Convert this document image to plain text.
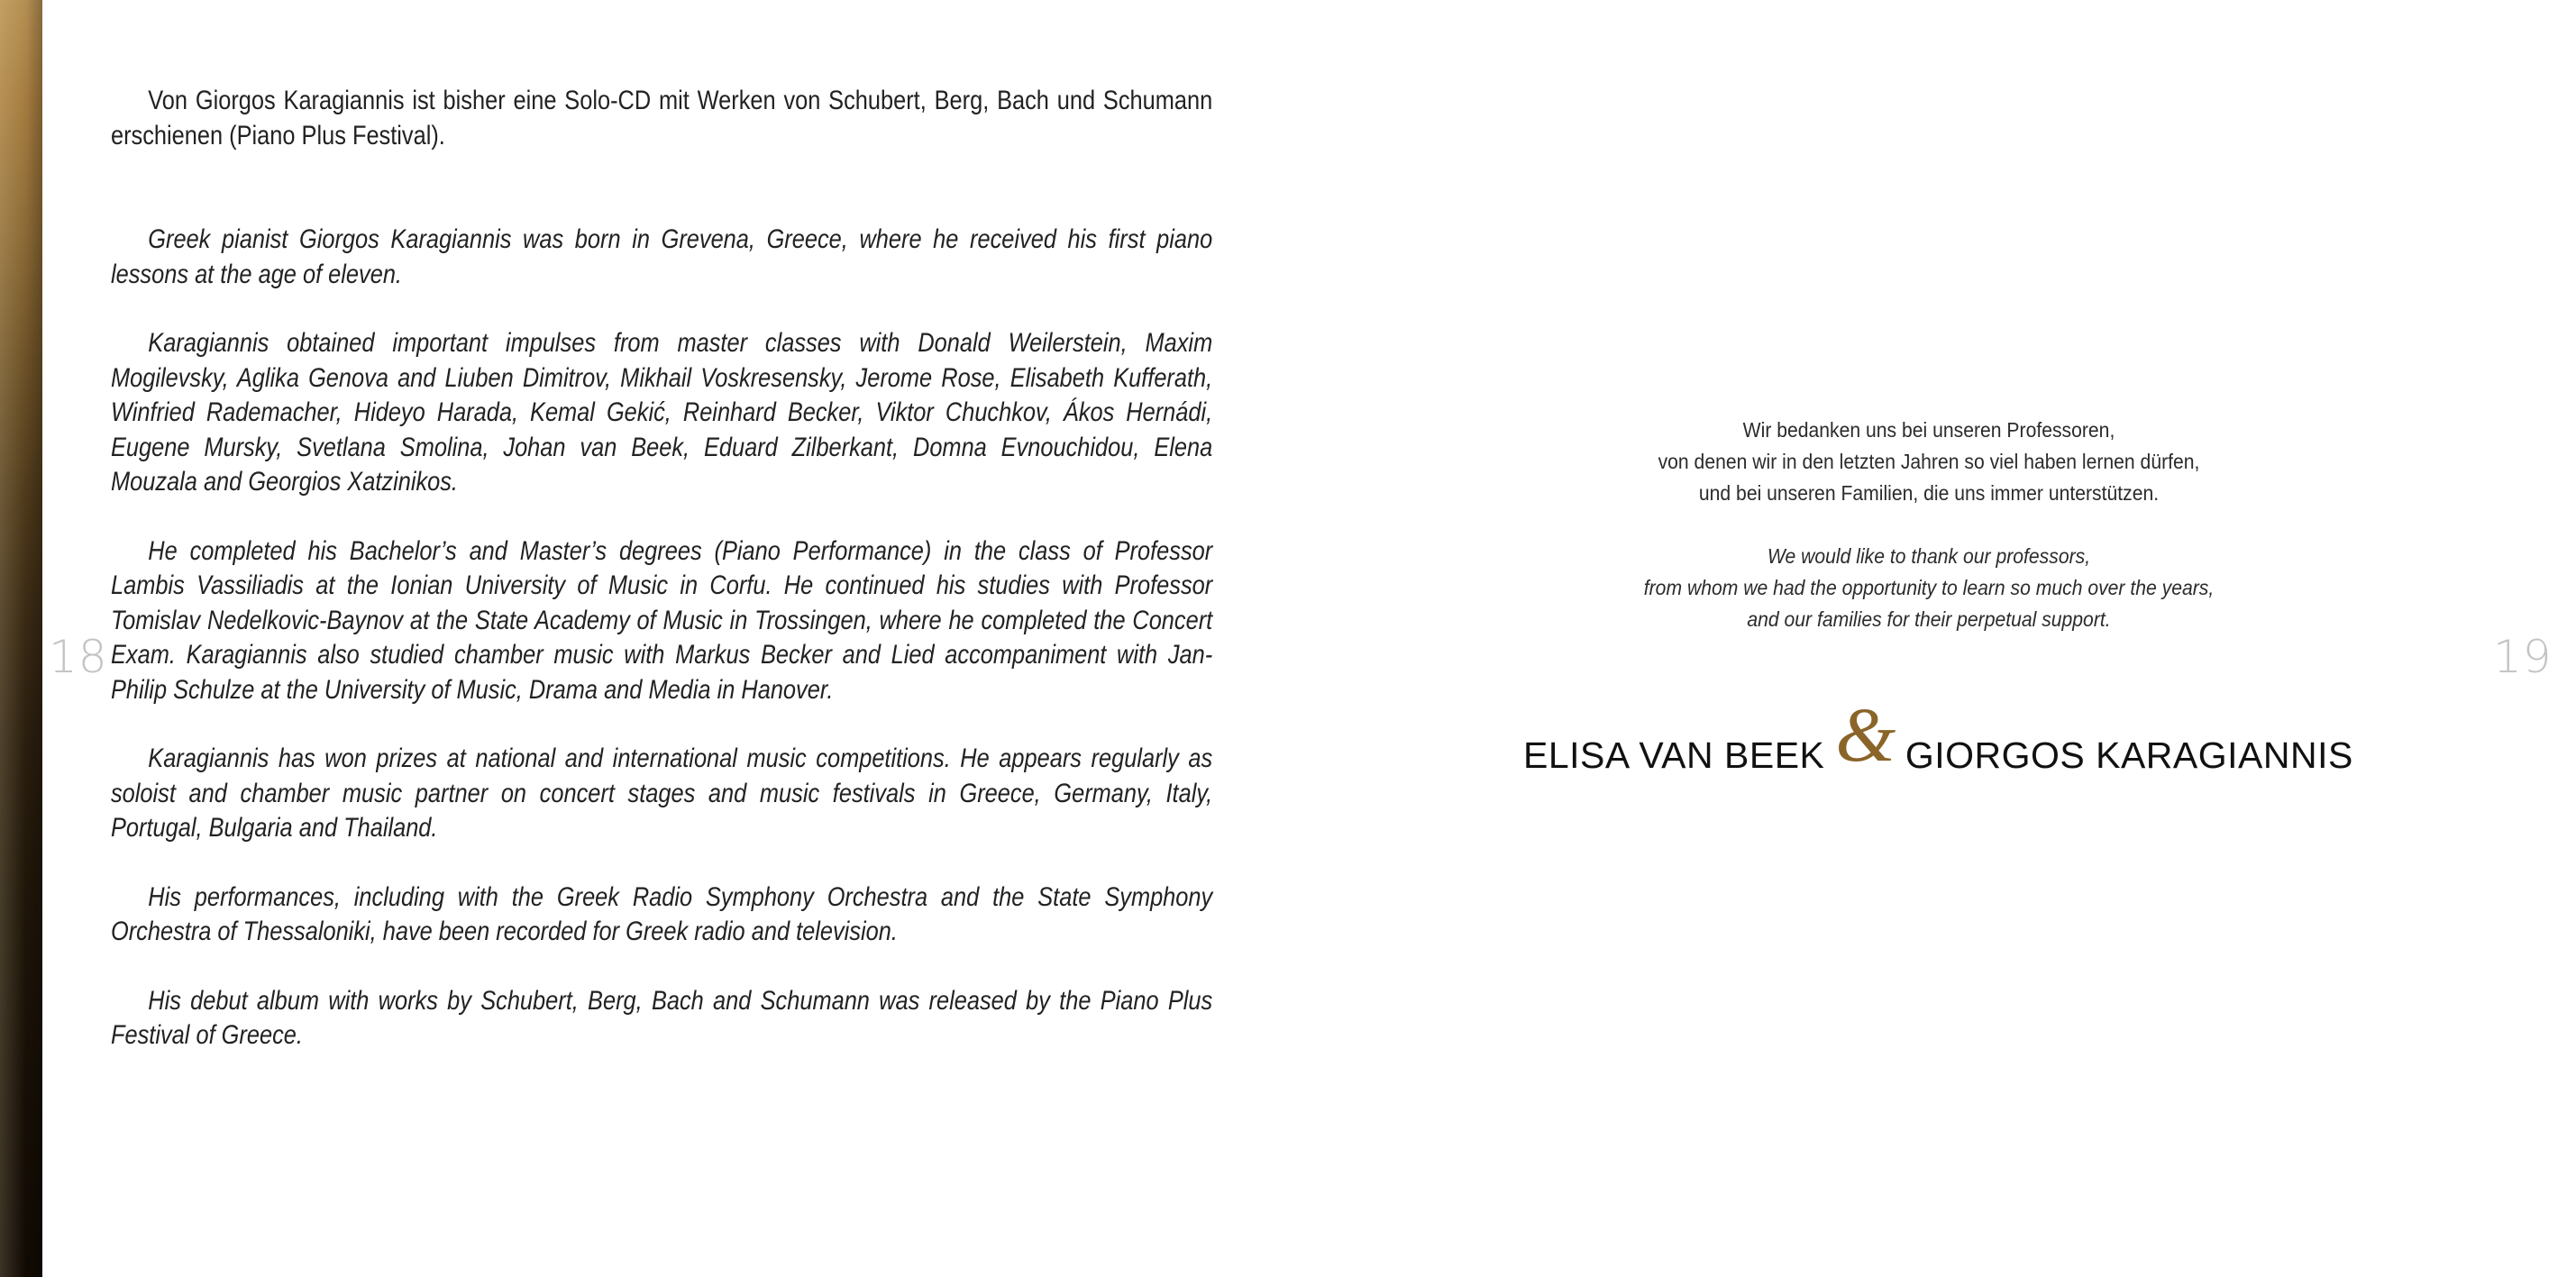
18	19

Von Giorgos Karagiannis ist bisher eine Solo-CD mit Werken von Schubert, Berg, Bach und Schumann erschienen (Piano Plus Festival).

Greek pianist Giorgos Karagiannis was born in Grevena, Greece, where he received his first piano lessons at the age of eleven.

Karagiannis obtained important impulses from master classes with Donald Weilerstein, Maxim Mogilevsky, Aglika Genova and Liuben Dimitrov, Mikhail Voskresensky, Jerome Rose, Elisabeth Kufferath, Winfried Rademacher, Hideyo Harada, Kemal Gekić, Reinhard Becker, Viktor Chuchkov, Ákos Hernádi, Eugene Mursky, Svetlana Smolina, Johan van Beek, Eduard Zilberkant, Domna Evnouchidou, Elena Mouzala and Georgios Xatzinikos.

He completed his Bachelor’s and Master’s degrees (Piano Performance) in the class of Professor Lambis Vassiliadis at the Ionian University of Music in Corfu. He continued his studies with Professor Tomislav Nedelkovic-Baynov at the State Academy of Music in Trossingen, where he completed the Concert Exam. Karagiannis also studied chamber music with Markus Becker and Lied accompaniment with Jan-Philip Schulze at the University of Music, Drama and Media in Hanover.

Karagiannis has won prizes at national and international music competitions. He appears regularly as soloist and chamber music partner on concert stages and music festivals in Greece, Germany, Italy, Portugal, Bulgaria and Thailand.

His performances, including with the Greek Radio Symphony Orchestra and the State Symphony Orchestra of Thessaloniki, have been recorded for Greek radio and television.

His debut album with works by Schubert, Berg, Bach and Schumann was released by the Piano Plus Festival of Greece.

Wir bedanken uns bei unseren Professoren,
von denen wir in den letzten Jahren so viel haben lernen dürfen,
und bei unseren Familien, die uns immer unterstützen.
We would like to thank our professors,
from whom we had the opportunity to learn so much over the years,
and our families for their perpetual support.
ELISA VAN BEEK & GIORGOS KARAGIANNIS
